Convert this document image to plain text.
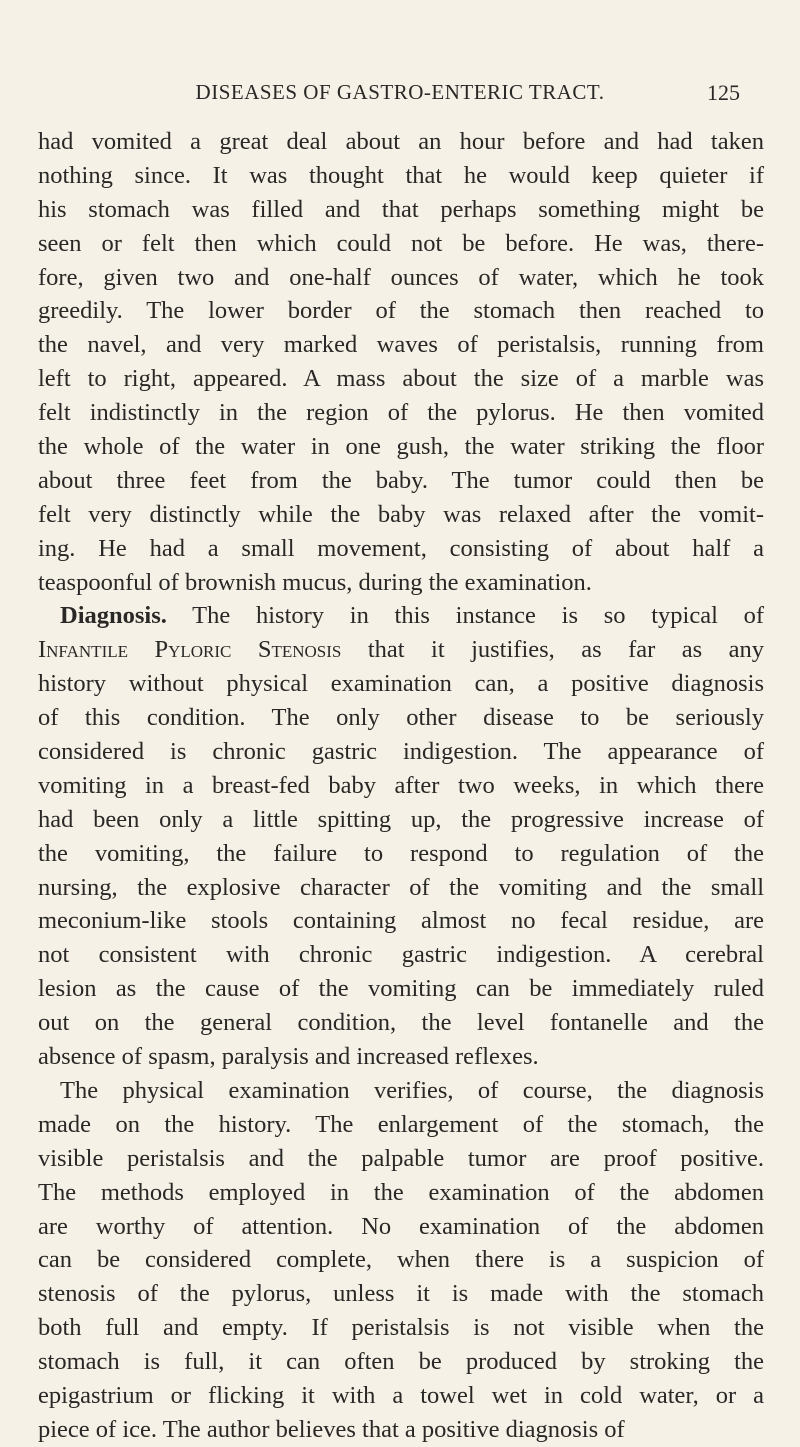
DISEASES OF GASTRO-ENTERIC TRACT.	125
had vomited a great deal about an hour before and had taken
nothing since. It was thought that he would keep quieter if
his stomach was filled and that perhaps something might be
seen or felt then which could not be before. He was, there-
fore, given two and one-half ounces of water, which he took
greedily. The lower border of the stomach then reached to
the navel, and very marked waves of peristalsis, running from
left to right, appeared. A mass about the size of a marble was
felt indistinctly in the region of the pylorus. He then vomited
the whole of the water in one gush, the water striking the floor
about three feet from the baby. The tumor could then be
felt very distinctly while the baby was relaxed after the vomit-
ing. He had a small movement, consisting of about half a
teaspoonful of brownish mucus, during the examination.
Diagnosis. The history in this instance is so typical of
Infantile Pyloric Stenosis that it justifies, as far as any
history without physical examination can, a positive diagnosis
of this condition. The only other disease to be seriously
considered is chronic gastric indigestion. The appearance of
vomiting in a breast-fed baby after two weeks, in which there
had been only a little spitting up, the progressive increase of
the vomiting, the failure to respond to regulation of the
nursing, the explosive character of the vomiting and the small
meconium-like stools containing almost no fecal residue, are
not consistent with chronic gastric indigestion. A cerebral
lesion as the cause of the vomiting can be immediately ruled
out on the general condition, the level fontanelle and the
absence of spasm, paralysis and increased reflexes.
The physical examination verifies, of course, the diagnosis
made on the history. The enlargement of the stomach, the
visible peristalsis and the palpable tumor are proof positive.
The methods employed in the examination of the abdomen
are worthy of attention. No examination of the abdomen
can be considered complete, when there is a suspicion of
stenosis of the pylorus, unless it is made with the stomach
both full and empty. If peristalsis is not visible when the
stomach is full, it can often be produced by stroking the
epigastrium or flicking it with a towel wet in cold water, or a
piece of ice. The author believes that a positive diagnosis of
